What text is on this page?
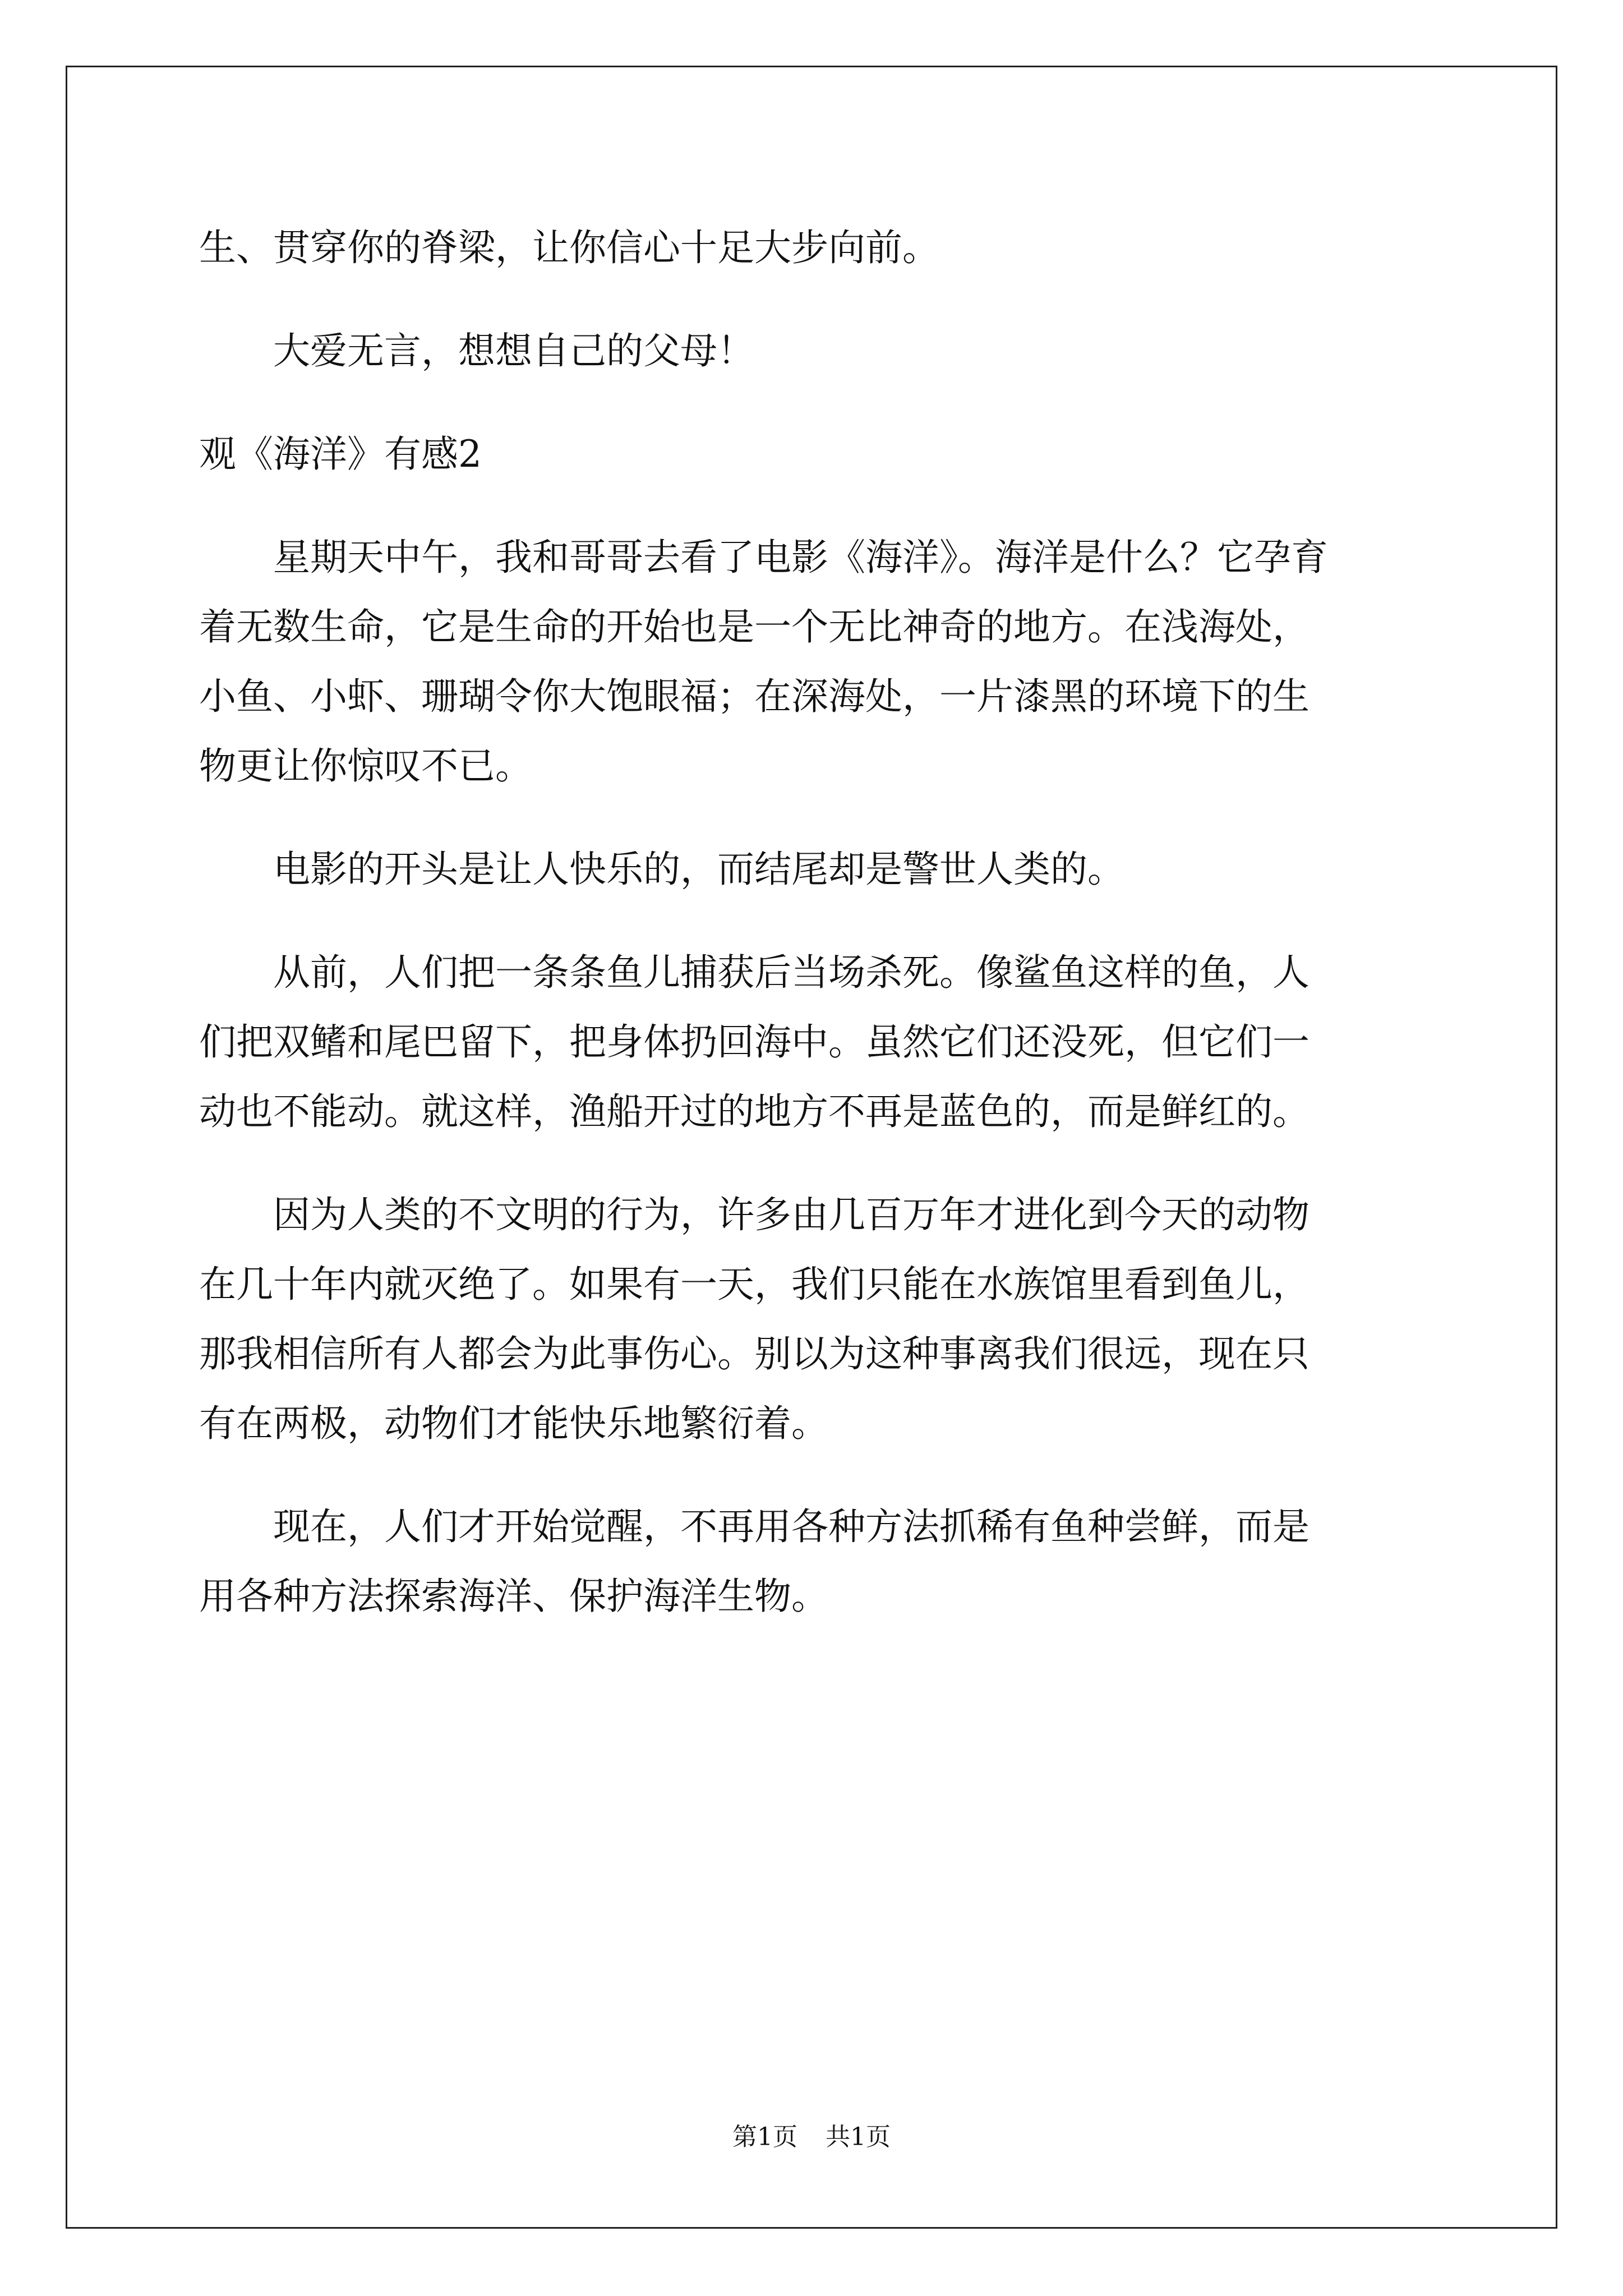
生、贯穿你的脊梁，让你信心十足大步向前。
大爱无言，想想自己的父母！
观《海洋》有感2
星期天中午，我和哥哥去看了电影《海洋》。海洋是什么？它孕育
着无数生命，它是生命的开始也是一个无比神奇的地方。在浅海处，
小鱼、小虾、珊瑚令你大饱眼福；在深海处，一片漆黑的环境下的生
物更让你惊叹不已。
电影的开头是让人快乐的，而结尾却是警世人类的。
从前，人们把一条条鱼儿捕获后当场杀死。像鲨鱼这样的鱼，人
们把双鳍和尾巴留下，把身体扔回海中。虽然它们还没死，但它们一
动也不能动。就这样，渔船开过的地方不再是蓝色的，而是鲜红的。
因为人类的不文明的行为，许多由几百万年才进化到今天的动物
在几十年内就灭绝了。如果有一天，我们只能在水族馆里看到鱼儿，
那我相信所有人都会为此事伤心。别以为这种事离我们很远，现在只
有在两极，动物们才能快乐地繁衍着。
现在，人们才开始觉醒，不再用各种方法抓稀有鱼种尝鲜，而是
用各种方法探索海洋、保护海洋生物。
第1页 共1页
